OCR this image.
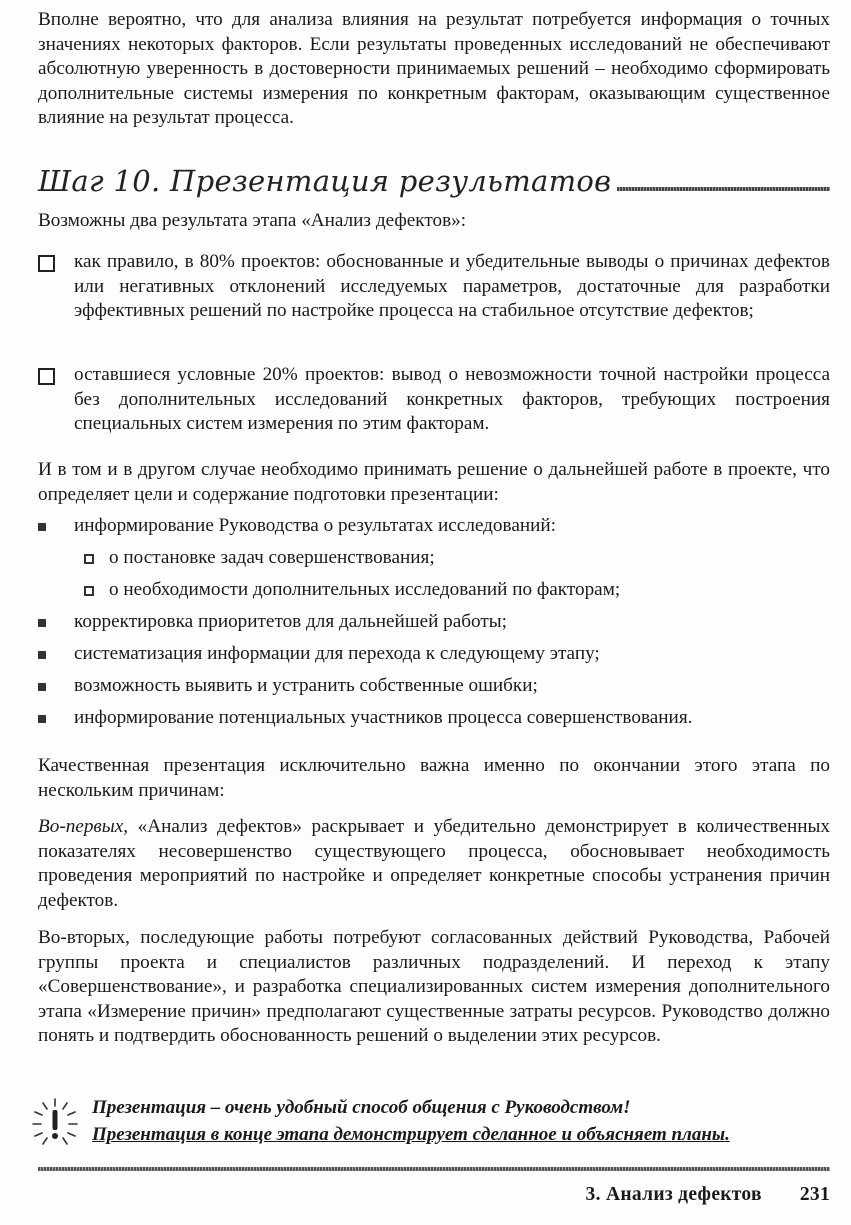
Вполне вероятно, что для анализа влияния на результат потребуется информация о точных значениях некоторых факторов. Если результаты проведенных исследований не обеспечивают абсолютную уверенность в достоверности принимаемых решений – необходимо сформировать дополнительные системы измерения по конкретным факторам, оказывающим существенное влияние на результат процесса.

Шаг 10. Презентация результатов

Возможны два результата этапа «Анализ дефектов»:

как правило, в 80% проектов: обоснованные и убедительные выводы о причинах дефектов или негативных отклонений исследуемых параметров, достаточные для разработки эффективных решений по настройке процесса на стабильное отсутствие дефектов;
оставшиеся условные 20% проектов: вывод о невозможности точной настройки процесса без дополнительных исследований конкретных факторов, требующих построения специальных систем измерения по этим факторам.

И в том и в другом случае необходимо принимать решение о дальнейшей работе в проекте, что определяет цели и содержание подготовки презентации:

информирование Руководства о результатах исследований:
о постановке задач совершенствования;
о необходимости дополнительных исследований по факторам;
корректировка приоритетов для дальнейшей работы;
систематизация информации для перехода к следующему этапу;
возможность выявить и устранить собственные ошибки;
информирование потенциальных участников процесса совершенствования.

Качественная презентация исключительно важна именно по окончании этого этапа по нескольким причинам:

Во-первых, «Анализ дефектов» раскрывает и убедительно демонстрирует в количественных показателях несовершенство существующего процесса, обосновывает необходимость проведения мероприятий по настройке и определяет конкретные способы устранения причин дефектов.

Во-вторых, последующие работы потребуют согласованных действий Руководства, Рабочей группы проекта и специалистов различных подразделений. И переход к этапу «Совершенствование», и разработка специализированных систем измерения дополнительного этапа «Измерение причин» предполагают существенные затраты ресурсов. Руководство должно понять и подтвердить обоснованность решений о выделении этих ресурсов.

Презентация – очень удобный способ общения с Руководством!
Презентация в конце этапа демонстрирует сделанное и объясняет планы.
3. Анализ дефектов 231
